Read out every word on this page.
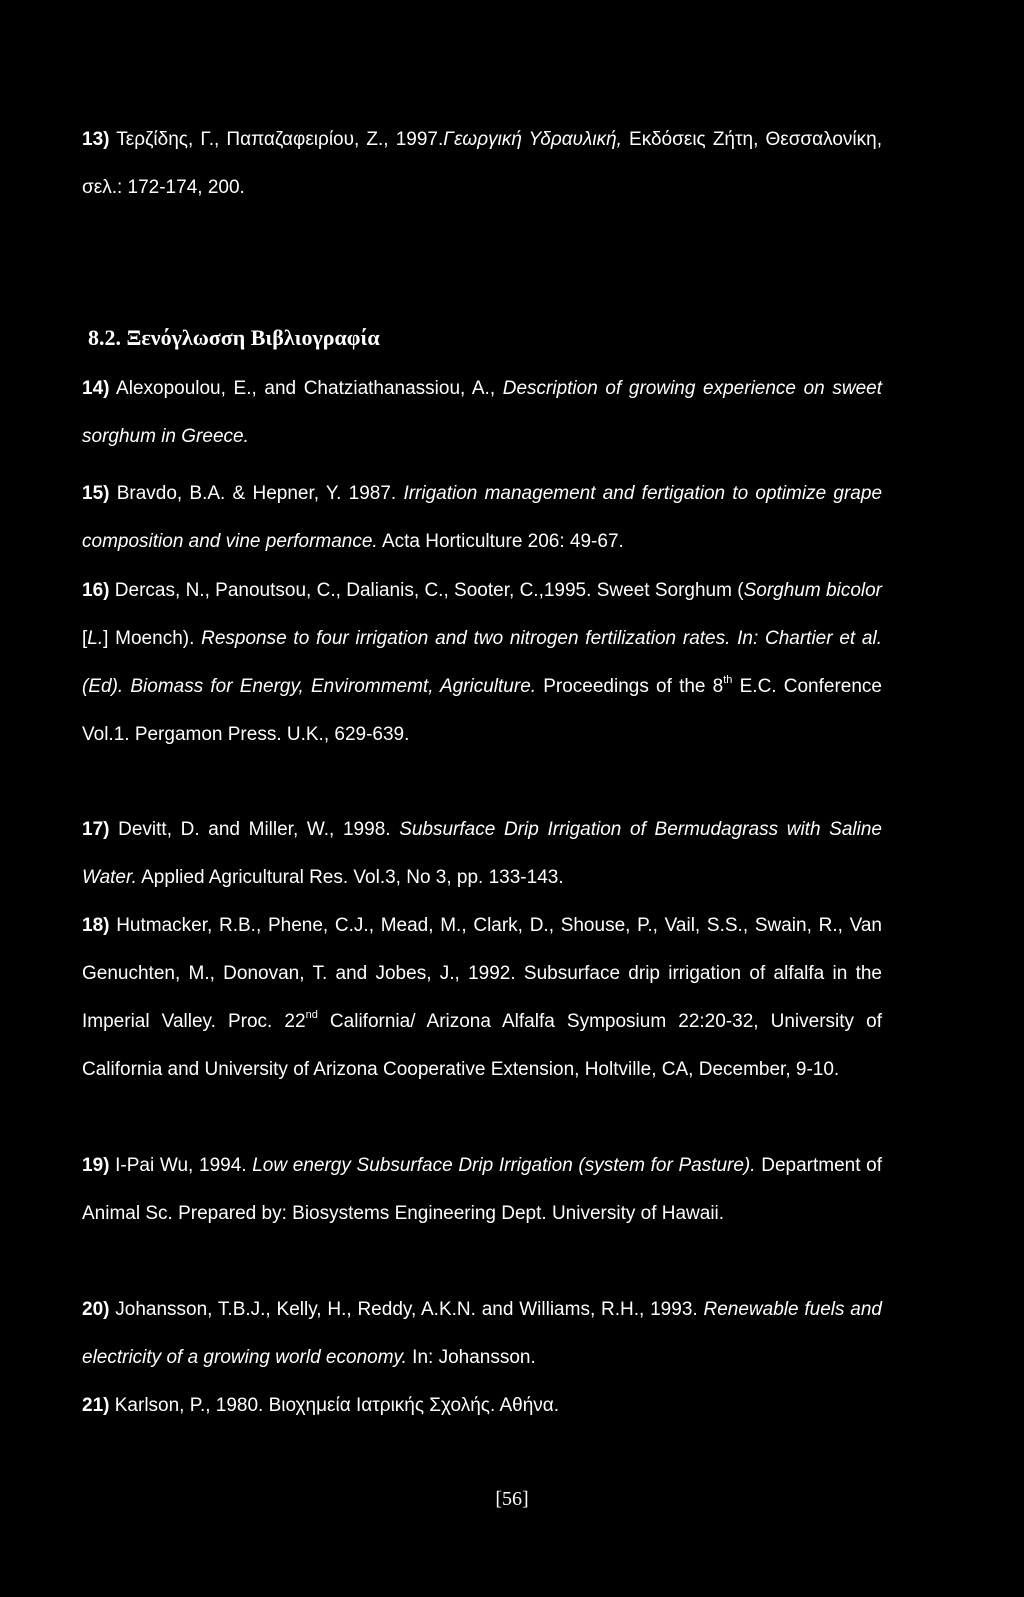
13) Τερζίδης, Γ., Παπαζαφειρίου, Ζ., 1997.Γεωργική Υδραυλική, Εκδόσεις Ζήτη, Θεσσαλονίκη, σελ.: 172-174, 200.

8.2. Ξενόγλωσση Βιβλιογραφία

14) Alexopoulou, E., and Chatziathanassiou, A., Description of growing experience on sweet sorghum in Greece.

15) Bravdo, B.A. & Hepner, Y. 1987. Irrigation management and fertigation to optimize grape composition and vine performance. Acta Horticulture 206: 49-67.

16) Dercas, N., Panoutsou, C., Dalianis, C., Sooter, C.,1995. Sweet Sorghum (Sorghum bicolor [L.] Moench). Response to four irrigation and two nitrogen fertilization rates. In: Chartier et al. (Ed). Biomass for Energy, Envirommemt, Agriculture. Proceedings of the 8th E.C. Conference Vol.1. Pergamon Press. U.K., 629-639.

17) Devitt, D. and Miller, W., 1998. Subsurface Drip Irrigation of Bermudagrass with Saline Water. Applied Agricultural Res. Vol.3, No 3, pp. 133-143.

18) Hutmacker, R.B., Phene, C.J., Mead, M., Clark, D., Shouse, P., Vail, S.S., Swain, R., Van Genuchten, M., Donovan, T. and Jobes, J., 1992. Subsurface drip irrigation of alfalfa in the Imperial Valley. Proc. 22nd California/ Arizona Alfalfa Symposium 22:20-32, University of California and University of Arizona Cooperative Extension, Holtville, CA, December, 9-10.

19) I-Pai Wu, 1994. Low energy Subsurface Drip Irrigation (system for Pasture). Department of Animal Sc. Prepared by: Biosystems Engineering Dept. University of Hawaii.

20) Johansson, T.B.J., Kelly, H., Reddy, A.K.N. and Williams, R.H., 1993. Renewable fuels and electricity of a growing world economy. In: Johansson.

21) Karlson, P., 1980. Βιοχημεία Ιατρικής Σχολής. Αθήνα.

[56]
